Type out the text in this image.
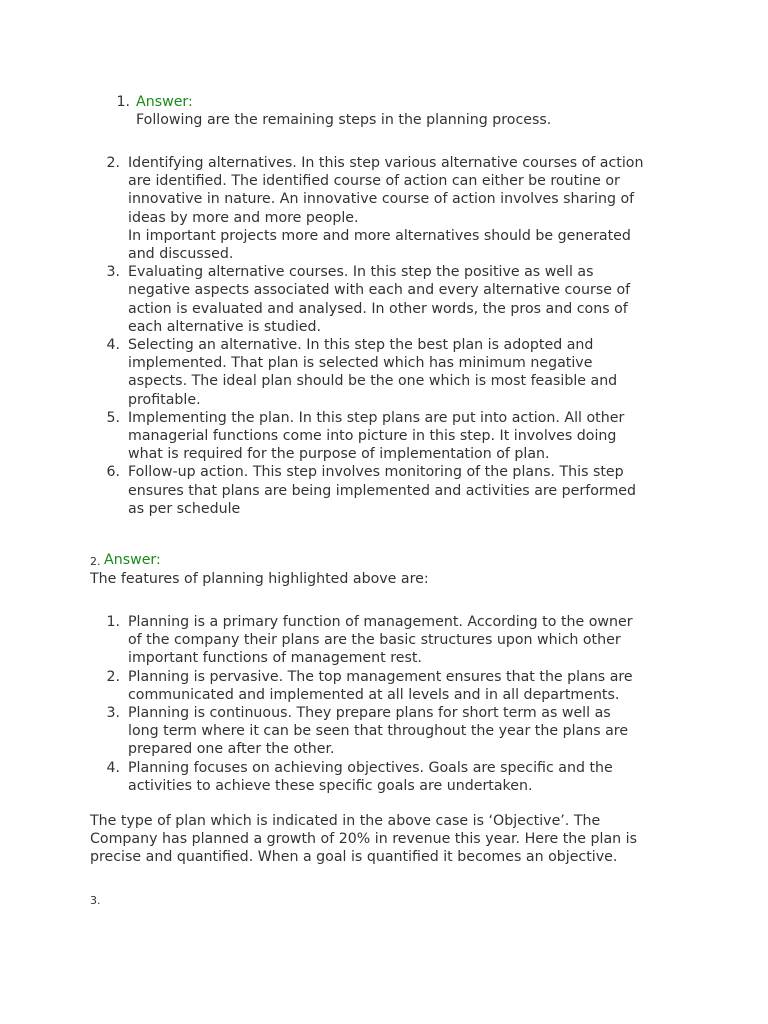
1. Answer:
Following are the remaining steps in the planning process.
2. Identifying alternatives. In this step various alternative courses of action
are identified. The identified course of action can either be routine or
innovative in nature. An innovative course of action involves sharing of
ideas by more and more people.
In important projects more and more alternatives should be generated
and discussed.
3. Evaluating alternative courses. In this step the positive as well as
negative aspects associated with each and every alternative course of
action is evaluated and analysed. In other words, the pros and cons of
each alternative is studied.
4. Selecting an alternative. In this step the best plan is adopted and
implemented. That plan is selected which has minimum negative
aspects. The ideal plan should be the one which is most feasible and
profitable.
5. Implementing the plan. In this step plans are put into action. All other
managerial functions come into picture in this step. It involves doing
what is required for the purpose of implementation of plan.
6. Follow-up action. This step involves monitoring of the plans. This step
ensures that plans are being implemented and activities are performed
as per schedule
2. Answer:
The features of planning highlighted above are:
1. Planning is a primary function of management. According to the owner
of the company their plans are the basic structures upon which other
important functions of management rest.
2. Planning is pervasive. The top management ensures that the plans are
communicated and implemented at all levels and in all departments.
3. Planning is continuous. They prepare plans for short term as well as
long term where it can be seen that throughout the year the plans are
prepared one after the other.
4. Planning focuses on achieving objectives. Goals are specific and the
activities to achieve these specific goals are undertaken.
The type of plan which is indicated in the above case is ‘Objective’. The
Company has planned a growth of 20% in revenue this year. Here the plan is
precise and quantified. When a goal is quantified it becomes an objective.
3.
